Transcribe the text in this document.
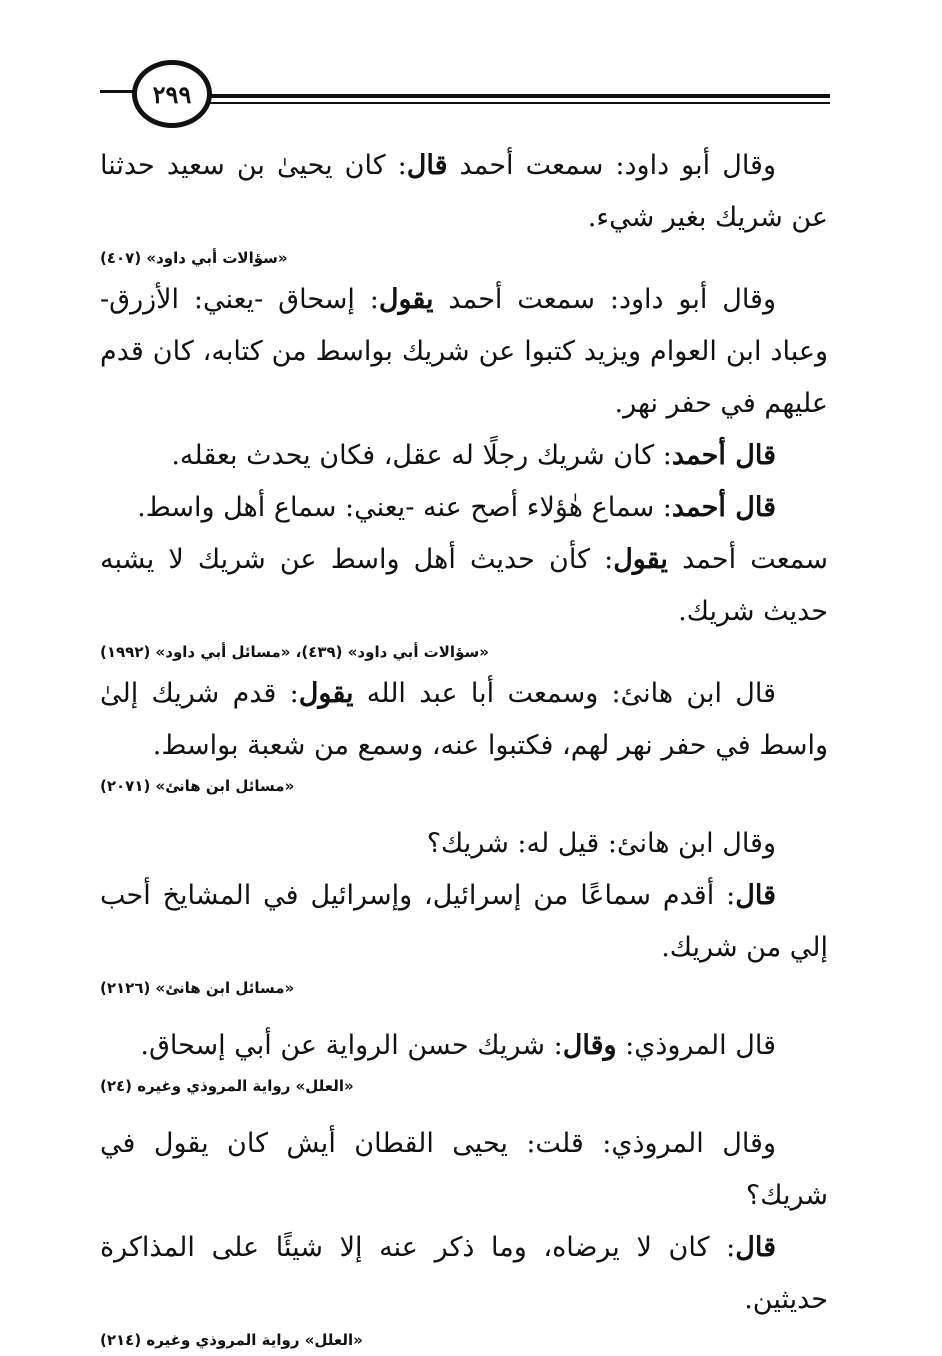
٢٩٩

وقال أبو داود: سمعت أحمد قال: كان يحيىٰ بن سعيد حدثنا عن شريك بغير شيء.

«سؤالات أبي داود» (٤٠٧)

وقال أبو داود: سمعت أحمد يقول: إسحاق -يعني: الأزرق- وعباد ابن العوام ويزيد كتبوا عن شريك بواسط من كتابه، كان قدم عليهم في حفر نهر.

قال أحمد: كان شريك رجلًا له عقل، فكان يحدث بعقله.

قال أحمد: سماع هٰؤلاء أصح عنه -يعني: سماع أهل واسط.

سمعت أحمد يقول: كأن حديث أهل واسط عن شريك لا يشبه حديث شريك.

«سؤالات أبي داود» (٤٣٩)، «مسائل أبي داود» (١٩٩٢)

قال ابن هانئ: وسمعت أبا عبد الله يقول: قدم شريك إلىٰ واسط في حفر نهر لهم، فكتبوا عنه، وسمع من شعبة بواسط.

«مسائل ابن هانئ» (٢٠٧١)

وقال ابن هانئ: قيل له: شريك؟

قال: أقدم سماعًا من إسرائيل، وإسرائيل في المشايخ أحب إلي من شريك.

«مسائل ابن هانئ» (٢١٢٦)

قال المروذي: وقال: شريك حسن الرواية عن أبي إسحاق.

«العلل» رواية المروذي وغيره (٢٤)

وقال المروذي: قلت: يحيى القطان أيش كان يقول في شريك؟

قال: كان لا يرضاه، وما ذكر عنه إلا شيئًا على المذاكرة حديثين.

«العلل» رواية المروذي وغيره (٢١٤)
